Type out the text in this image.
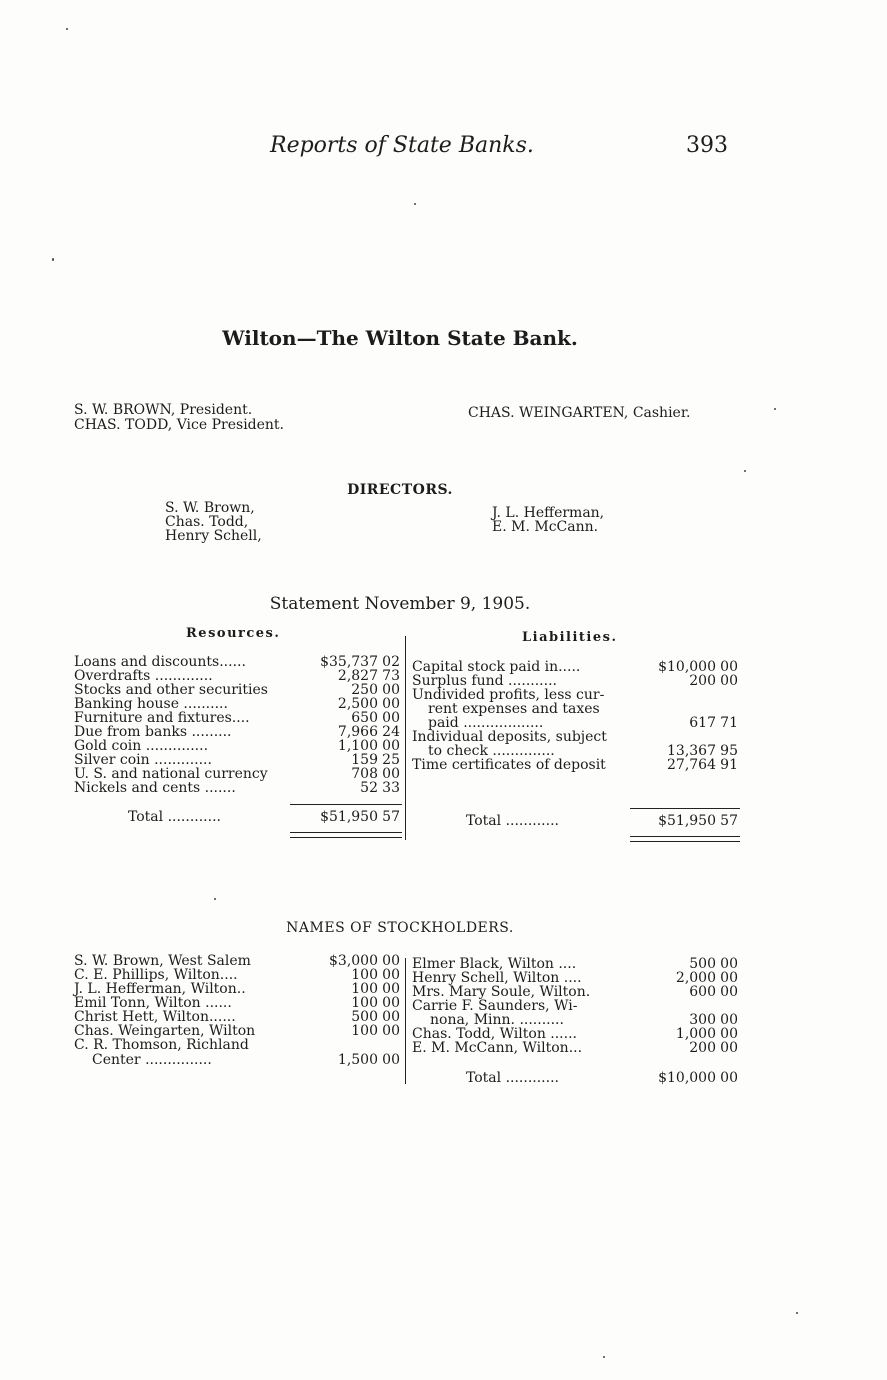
Reports of State Banks.	393
Wilton—The Wilton State Bank.
S. W. BROWN, President.
CHAS. TODD, Vice President.
CHAS. WEINGARTEN, Cashier.
DIRECTORS.
S. W. Brown,
Chas. Todd,
Henry Schell,
J. L. Hefferman,
E. M. McCann.
Statement November 9, 1905.
Resources.	Liabilities.
Loans and discounts......	$35,737 02
Overdrafts .............	2,827 73
Stocks and other securities	250 00
Banking house ..........	2,500 00
Furniture and fixtures....	650 00
Due from banks .........	7,966 24
Gold coin ..............	1,100 00
Silver coin .............	159 25
U. S. and national currency	708 00
Nickels and cents .......	52 33
Total ............	$51,950 57
Capital stock paid in.....	$10,000 00
Surplus fund ...........	200 00
Undivided profits, less cur-
rent expenses and taxes
paid ..................	617 71
Individual deposits, subject
to check ..............	13,367 95
Time certificates of deposit	27,764 91
Total ............	$51,950 57
NAMES OF STOCKHOLDERS.
S. W. Brown, West Salem	$3,000 00
C. E. Phillips, Wilton....	100 00
J. L. Hefferman, Wilton..	100 00
Emil Tonn, Wilton ......	100 00
Christ Hett, Wilton......	500 00
Chas. Weingarten, Wilton	100 00
C. R. Thomson, Richland
Center ...............	1,500 00
Elmer Black, Wilton ....	500 00
Henry Schell, Wilton ....	2,000 00
Mrs. Mary Soule, Wilton.	600 00
Carrie F. Saunders, Wi-
nona, Minn. ..........	300 00
Chas. Todd, Wilton ......	1,000 00
E. M. McCann, Wilton...	200 00
Total ............	$10,000 00
